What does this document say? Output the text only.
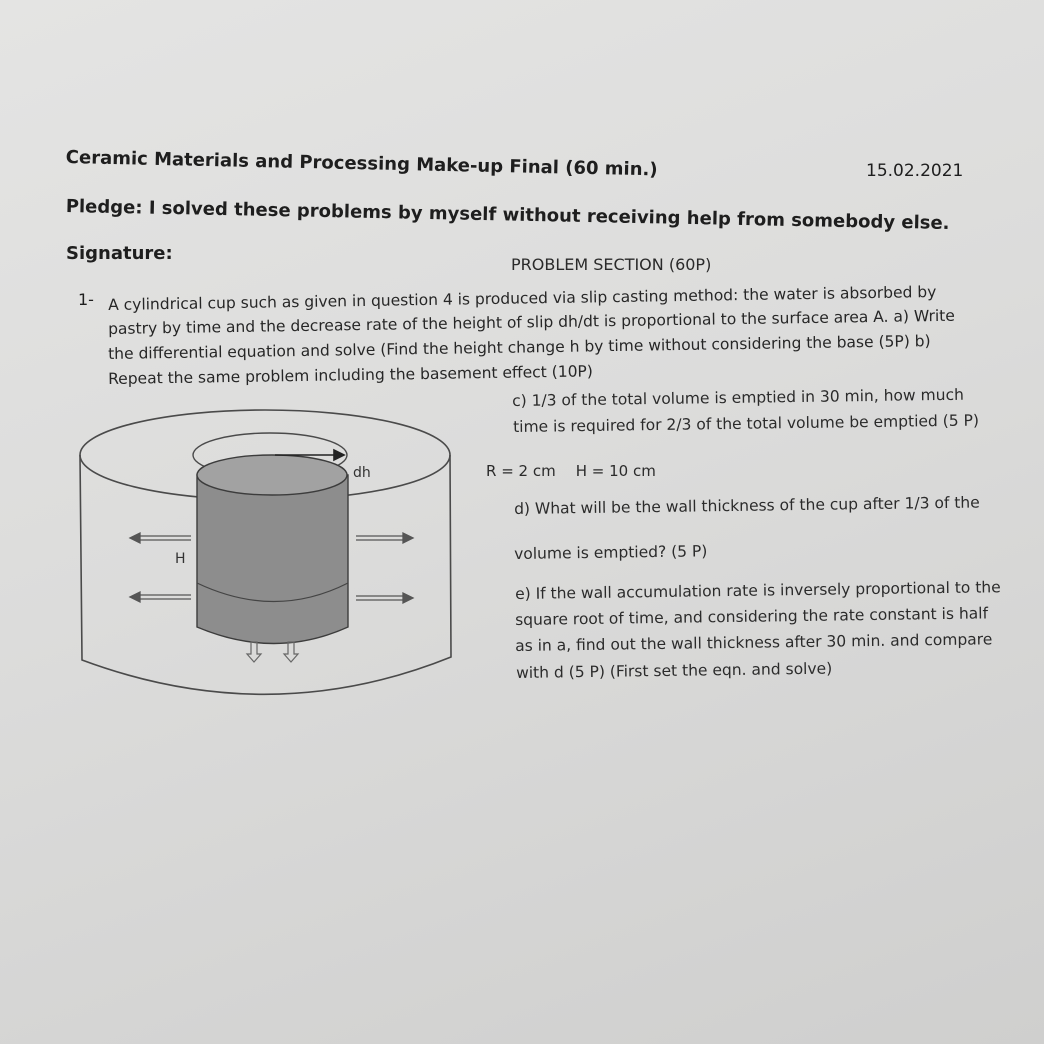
Ceramic Materials and Processing Make-up Final (60 min.)	15.02.2021
Pledge: I solved these problems by myself without receiving help from somebody else.
Signature:
PROBLEM SECTION (60P)
1- A cylindrical cup such as given in question 4 is produced via slip casting method: the water is absorbed by
pastry by time and the decrease rate of the height of slip dh/dt is proportional to the surface area A. a) Write
the differential equation and solve (Find the height change h by time without considering the base (5P) b)
Repeat the same problem including the basement effect (10P)
dh
H
c) 1/3 of the total volume is emptied in 30 min, how much
time is required for 2/3 of the total volume be emptied (5 P)
R = 2 cm H = 10 cm
d) What will be the wall thickness of the cup after 1/3 of the
volume is emptied? (5 P)
e) If the wall accumulation rate is inversely proportional to the
square root of time, and considering the rate constant is half
as in a, find out the wall thickness after 30 min. and compare
with d (5 P) (First set the eqn. and solve)
